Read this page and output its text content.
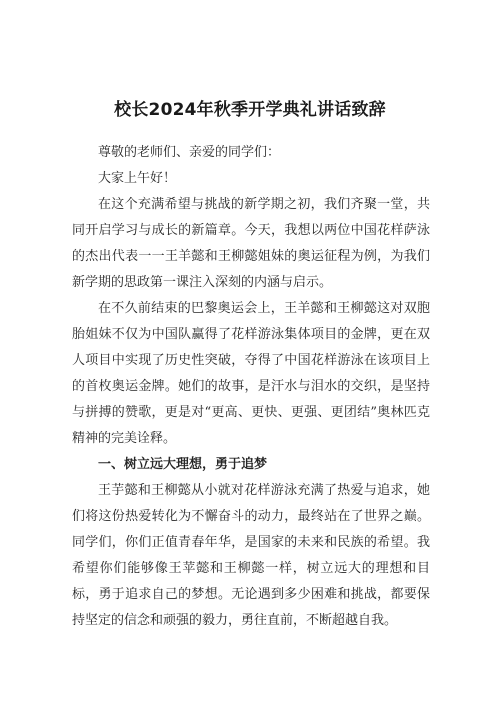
校长2024年秋季开学典礼讲话致辞

尊敬的老师们、亲爱的同学们：

大家上午好！

在这个充满希望与挑战的新学期之初，我们齐聚一堂，共同开启学习与成长的新篇章。今天，我想以两位中国花样萨泳的杰出代表一一王羊懿和王柳懿姐妹的奥运征程为例，为我们新学期的思政第一课注入深刻的内涵与启示。

在不久前结束的巴黎奥运会上，王羊懿和王柳懿这对双胞胎姐妹不仅为中国队赢得了花样游泳集体项目的金牌，更在双人项目中实现了历史性突破，夺得了中国花样游泳在该项目上的首枚奥运金牌。她们的故事，是汗水与泪水的交织，是坚持与拼搏的赞歌，更是对“更高、更快、更强、更团结”奥林匹克精神的完美诠释。

一、树立远大理想，勇于追梦

王芋懿和王柳懿从小就对花样游泳充满了热爱与追求，她们将这份热爱转化为不懈奋斗的动力，最终站在了世界之巅。同学们，你们正值青春年华，是国家的未来和民族的希望。我希望你们能够像王苹懿和王柳懿一样，树立远大的理想和目标，勇于追求自己的梦想。无论遇到多少困难和挑战，都要保持坚定的信念和顽强的毅力，勇往直前，不断超越自我。
